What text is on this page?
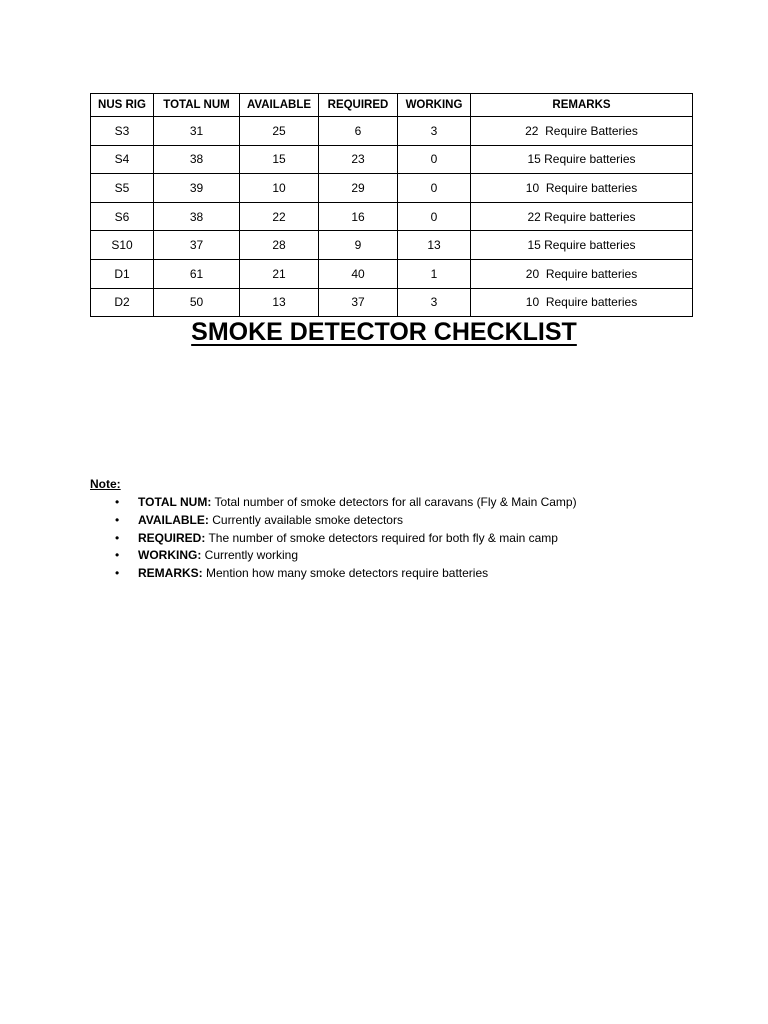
NUS RIG	TOTAL NUM	AVAILABLE	REQUIRED	WORKING	REMARKS
S3	31	25	6	3	22  Require Batteries
S4	38	15	23	0	15 Require batteries
S5	39	10	29	0	10  Require batteries
S6	38	22	16	0	22 Require batteries
S10	37	28	9	13	15 Require batteries
D1	61	21	40	1	20  Require batteries
D2	50	13	37	3	10  Require batteries
SMOKE DETECTOR CHECKLIST

Note:

• TOTAL NUM: Total number of smoke detectors for all caravans (Fly & Main Camp)
• AVAILABLE: Currently available smoke detectors
• REQUIRED: The number of smoke detectors required for both fly & main camp
• WORKING: Currently working
• REMARKS: Mention how many smoke detectors require batteries
